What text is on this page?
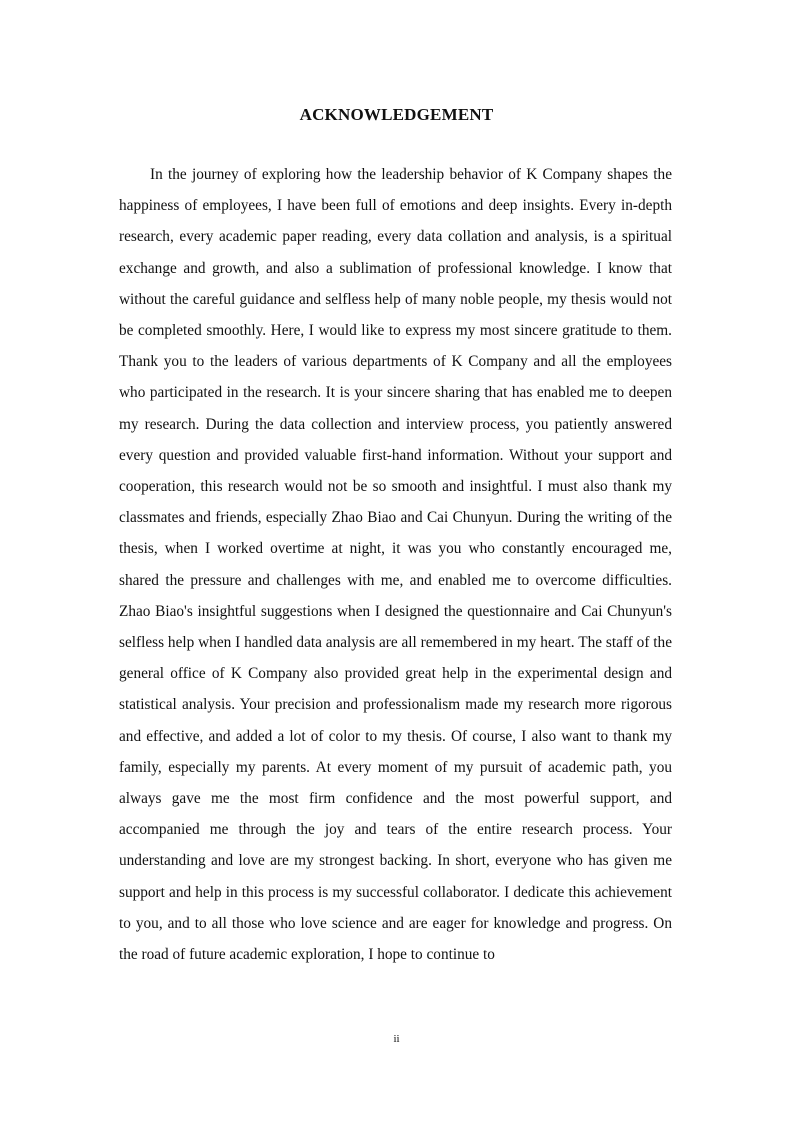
ACKNOWLEDGEMENT

In the journey of exploring how the leadership behavior of K Company shapes the happiness of employees, I have been full of emotions and deep insights. Every in-depth research, every academic paper reading, every data collation and analysis, is a spiritual exchange and growth, and also a sublimation of professional knowledge. I know that without the careful guidance and selfless help of many noble people, my thesis would not be completed smoothly. Here, I would like to express my most sincere gratitude to them. Thank you to the leaders of various departments of K Company and all the employees who participated in the research. It is your sincere sharing that has enabled me to deepen my research. During the data collection and interview process, you patiently answered every question and provided valuable first-hand information. Without your support and cooperation, this research would not be so smooth and insightful. I must also thank my classmates and friends, especially Zhao Biao and Cai Chunyun. During the writing of the thesis, when I worked overtime at night, it was you who constantly encouraged me, shared the pressure and challenges with me, and enabled me to overcome difficulties. Zhao Biao's insightful suggestions when I designed the questionnaire and Cai Chunyun's selfless help when I handled data analysis are all remembered in my heart. The staff of the general office of K Company also provided great help in the experimental design and statistical analysis. Your precision and professionalism made my research more rigorous and effective, and added a lot of color to my thesis. Of course, I also want to thank my family, especially my parents. At every moment of my pursuit of academic path, you always gave me the most firm confidence and the most powerful support, and accompanied me through the joy and tears of the entire research process. Your understanding and love are my strongest backing. In short, everyone who has given me support and help in this process is my successful collaborator. I dedicate this achievement to you, and to all those who love science and are eager for knowledge and progress. On the road of future academic exploration, I hope to continue to

ii
